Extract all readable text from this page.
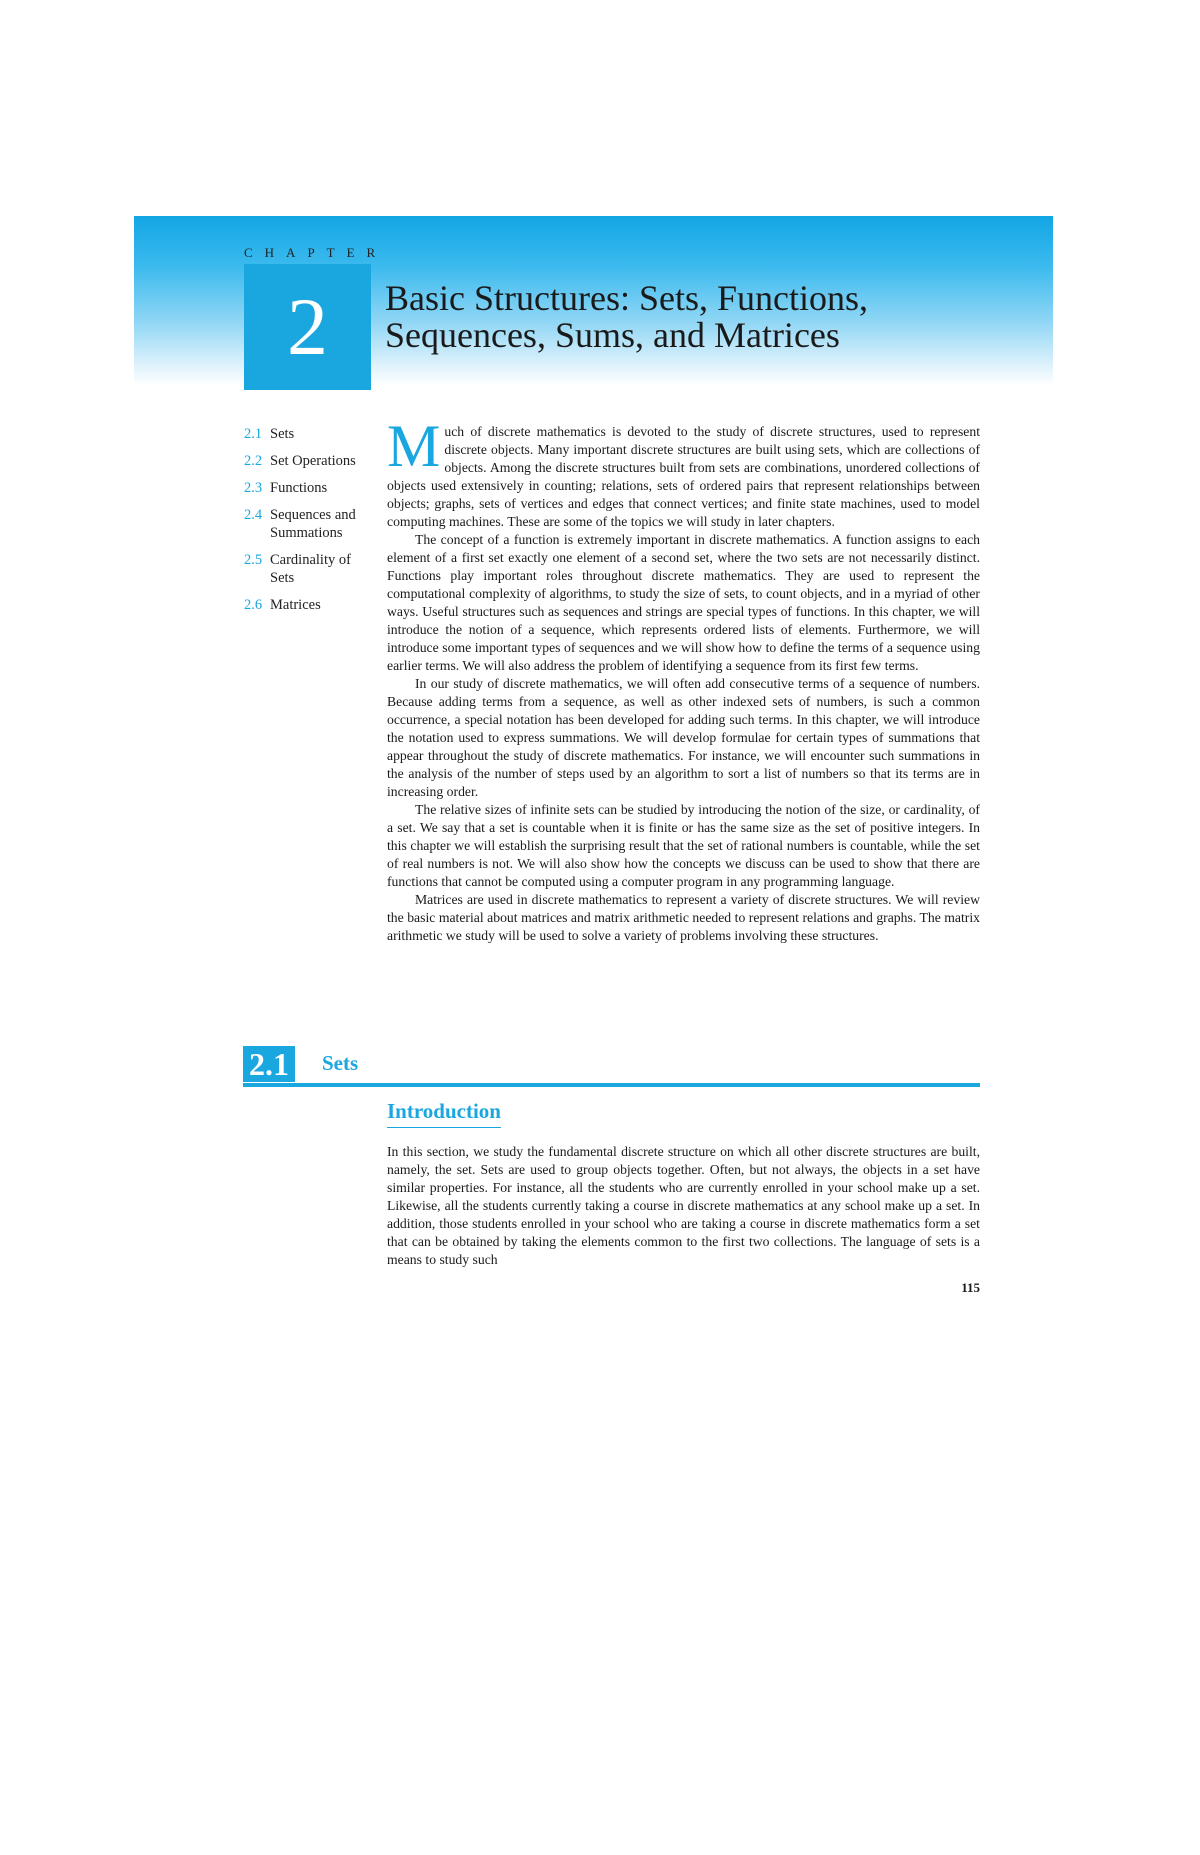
CHAPTER
2 Basic Structures: Sets, Functions,
Sequences, Sums, and Matrices
2.1 Sets
2.2 Set Operations
2.3 Functions
2.4 Sequences and Summations
2.5 Cardinality of Sets
2.6 Matrices

Much of discrete mathematics is devoted to the study of discrete structures, used to represent discrete objects. Many important discrete structures are built using sets, which are collections of objects. Among the discrete structures built from sets are combinations, unordered collections of objects used extensively in counting; relations, sets of ordered pairs that represent relationships between objects; graphs, sets of vertices and edges that connect vertices; and finite state machines, used to model computing machines. These are some of the topics we will study in later chapters.

The concept of a function is extremely important in discrete mathematics. A function assigns to each element of a first set exactly one element of a second set, where the two sets are not necessarily distinct. Functions play important roles throughout discrete mathematics. They are used to represent the computational complexity of algorithms, to study the size of sets, to count objects, and in a myriad of other ways. Useful structures such as sequences and strings are special types of functions. In this chapter, we will introduce the notion of a sequence, which represents ordered lists of elements. Furthermore, we will introduce some important types of sequences and we will show how to define the terms of a sequence using earlier terms. We will also address the problem of identifying a sequence from its first few terms.

In our study of discrete mathematics, we will often add consecutive terms of a sequence of numbers. Because adding terms from a sequence, as well as other indexed sets of numbers, is such a common occurrence, a special notation has been developed for adding such terms. In this chapter, we will introduce the notation used to express summations. We will develop formulae for certain types of summations that appear throughout the study of discrete mathematics. For instance, we will encounter such summations in the analysis of the number of steps used by an algorithm to sort a list of numbers so that its terms are in increasing order.

The relative sizes of infinite sets can be studied by introducing the notion of the size, or cardinality, of a set. We say that a set is countable when it is finite or has the same size as the set of positive integers. In this chapter we will establish the surprising result that the set of rational numbers is countable, while the set of real numbers is not. We will also show how the concepts we discuss can be used to show that there are functions that cannot be computed using a computer program in any programming language.

Matrices are used in discrete mathematics to represent a variety of discrete structures. We will review the basic material about matrices and matrix arithmetic needed to represent relations and graphs. The matrix arithmetic we study will be used to solve a variety of problems involving these structures.

2.1 Sets
Introduction

In this section, we study the fundamental discrete structure on which all other discrete structures are built, namely, the set. Sets are used to group objects together. Often, but not always, the objects in a set have similar properties. For instance, all the students who are currently enrolled in your school make up a set. Likewise, all the students currently taking a course in discrete mathematics at any school make up a set. In addition, those students enrolled in your school who are taking a course in discrete mathematics form a set that can be obtained by taking the elements common to the first two collections. The language of sets is a means to study such

115
